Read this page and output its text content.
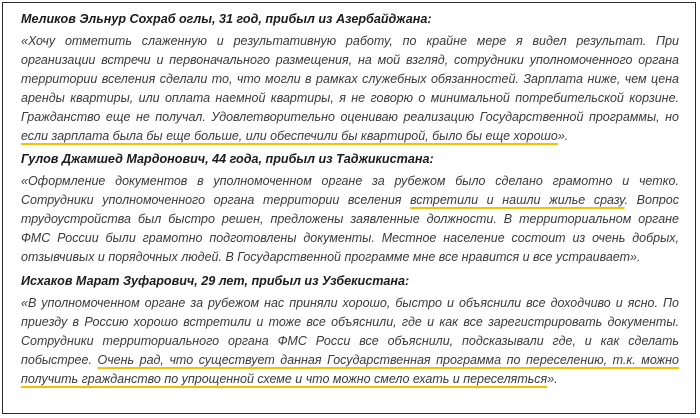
Меликов Эльнур Сохраб оглы, 31 год, прибыл из Азербайджана:

«Хочу отметить слаженную и результативную работу, по крайне мере я видел результат. При организации встречи и первоначального размещения, на мой взгляд, сотрудники уполномоченного органа территории вселения сделали то, что могли в рамках служебных обязанностей. Зарплата ниже, чем цена аренды квартиры, или оплата наемной квартиры, я не говорю о минимальной потребительской корзине. Гражданство еще не получал. Удовлетворительно оцениваю реализацию Государственной программы, но если зарплата была бы еще больше, или обеспечили бы квартирой, было бы еще хорошо».

Гулов Джамшед Мардонович, 44 года, прибыл из Таджикистана:

«Оформление документов в уполномоченном органе за рубежом было сделано грамотно и четко. Сотрудники уполномоченного органа территории вселения встретили и нашли жилье сразу. Вопрос трудоустройства был быстро решен, предложены заявленные должности. В территориальном органе ФМС России были грамотно подготовлены документы. Местное население состоит из очень добрых, отзывчивых и порядочных людей. В Государственной программе мне все нравится и все устраивает».

Исхаков Марат Зуфарович, 29 лет, прибыл из Узбекистана:

«В уполномоченном органе за рубежом нас приняли хорошо, быстро и объяснили все доходчиво и ясно. По приезду в Россию хорошо встретили и тоже все объяснили, где и как все зарегистрировать документы. Сотрудники территориального органа ФМС Росси все объяснили, подсказывали где, и как сделать побыстрее. Очень рад, что существует данная Государственная программа по переселению, т.к. можно получить гражданство по упрощенной схеме и что можно смело ехать и переселяться».
